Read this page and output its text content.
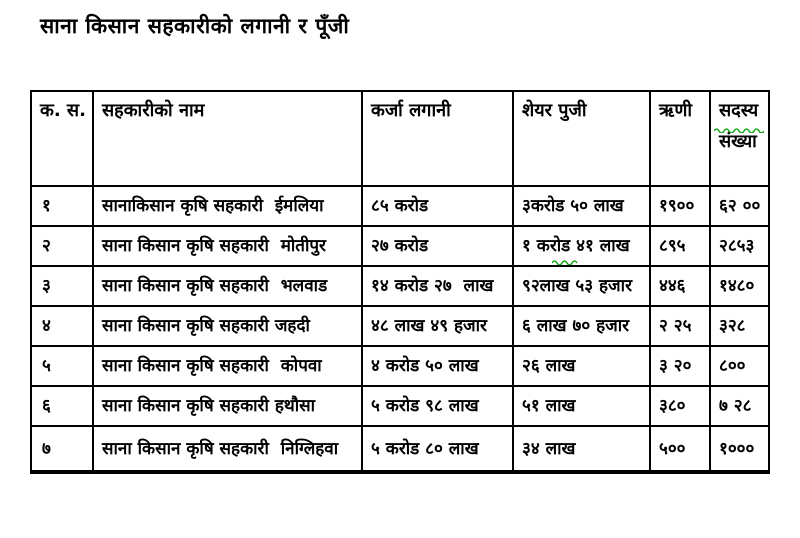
साना किसान सहकारीको लगानी र पूँजी
क. स.	सहकारीको नाम	कर्जा लगानी	शेयर पुजी	ऋणी	सदस्य संख्या
१	सानाकिसान कृषि सहकारी  ईमलिया	८५ करोड	३करोड ५० लाख	१९००	६२ ००
२	साना किसान कृषि सहकारी  मोतीपुर	२७ करोड	१ करोड ४१ लाख	८९५	२८५३
३	साना किसान कृषि सहकारी  भलवाड	१४ करोड २७  लाख	९२लाख ५३ हजार	४४६	१४८०
४	साना किसान कृषि सहकारी जहदी	४८ लाख ४९ हजार	६ लाख ७० हजार	२ २५	३२८
५	साना किसान कृषि सहकारी  कोपवा	४ करोड ५० लाख	२६ लाख	३ २०	८००
६	साना किसान कृषि सहकारी हथौसा	५ करोड ९८ लाख	५१ लाख	३८०	७ २८
७	साना किसान कृषि सहकारी  निग्लिहवा	५ करोड ८० लाख	३४ लाख	५००	१०००
